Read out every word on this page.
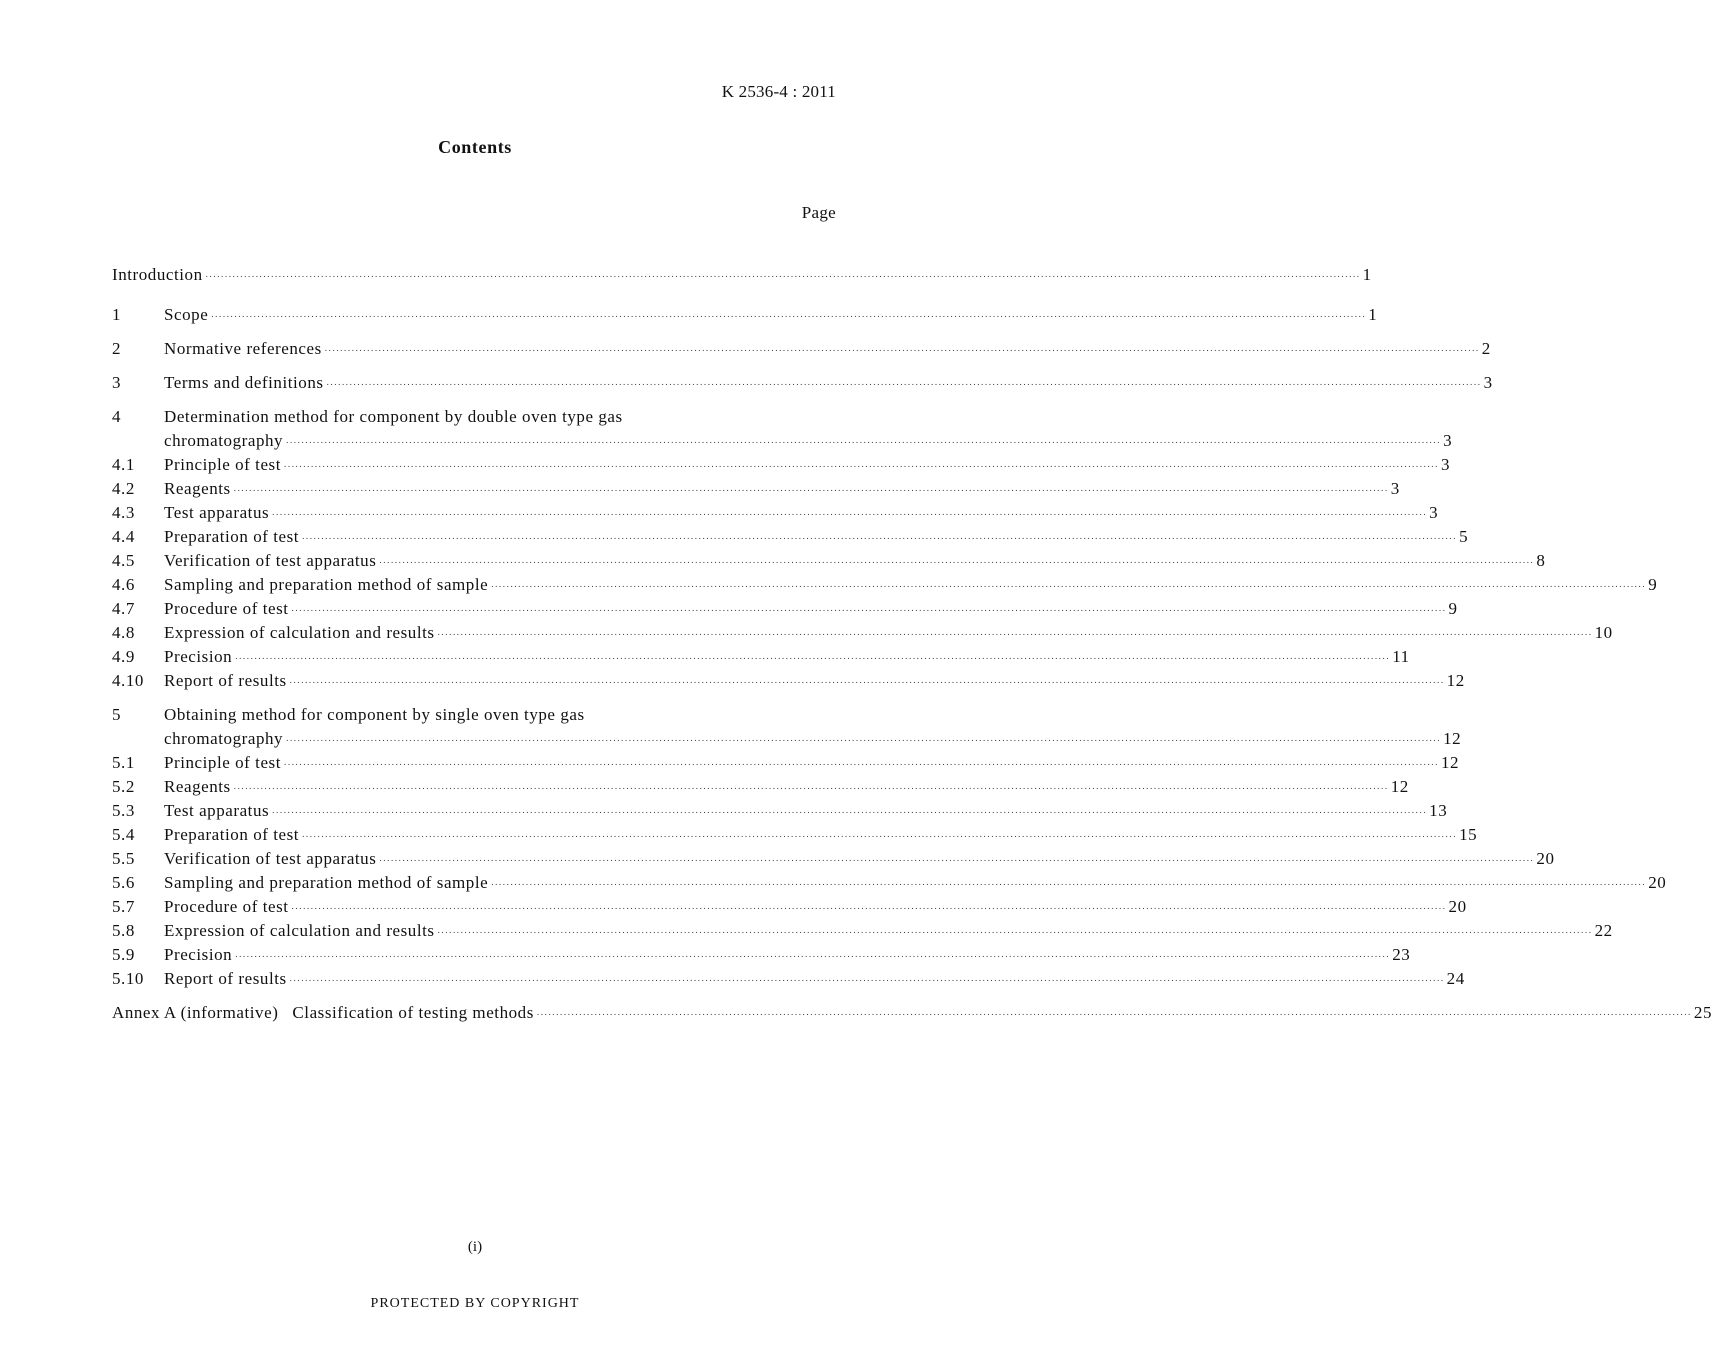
K 2536-4 : 2011
Contents
Page
Introduction ............................................................................................................................................................................................................................................................................................................ 1
1	Scope ............................................................................................................................................................................................................................................................................................................ 1
2	Normative references ............................................................................................................................................................................................................................................................................................................ 2
3	Terms and definitions ............................................................................................................................................................................................................................................................................................................ 3
4	Determination method for component by double oven type gas
chromatography ............................................................................................................................................................................................................................................................................................................ 3
4.1	Principle of test ............................................................................................................................................................................................................................................................................................................ 3
4.2	Reagents ............................................................................................................................................................................................................................................................................................................ 3
4.3	Test apparatus ............................................................................................................................................................................................................................................................................................................ 3
4.4	Preparation of test ............................................................................................................................................................................................................................................................................................................ 5
4.5	Verification of test apparatus ............................................................................................................................................................................................................................................................................................................ 8
4.6	Sampling and preparation method of sample ............................................................................................................................................................................................................................................................................................................ 9
4.7	Procedure of test ............................................................................................................................................................................................................................................................................................................ 9
4.8	Expression of calculation and results ............................................................................................................................................................................................................................................................................................................ 10
4.9	Precision ............................................................................................................................................................................................................................................................................................................ 11
4.10	Report of results ............................................................................................................................................................................................................................................................................................................ 12
5	Obtaining method for component by single oven type gas
chromatography ............................................................................................................................................................................................................................................................................................................ 12
5.1	Principle of test ............................................................................................................................................................................................................................................................................................................ 12
5.2	Reagents ............................................................................................................................................................................................................................................................................................................ 12
5.3	Test apparatus ............................................................................................................................................................................................................................................................................................................ 13
5.4	Preparation of test ............................................................................................................................................................................................................................................................................................................ 15
5.5	Verification of test apparatus ............................................................................................................................................................................................................................................................................................................ 20
5.6	Sampling and preparation method of sample ............................................................................................................................................................................................................................................................................................................ 20
5.7	Procedure of test ............................................................................................................................................................................................................................................................................................................ 20
5.8	Expression of calculation and results ............................................................................................................................................................................................................................................................................................................ 22
5.9	Precision ............................................................................................................................................................................................................................................................................................................ 23
5.10	Report of results ............................................................................................................................................................................................................................................................................................................ 24
Annex A (informative) Classification of testing methods ............................................................................................................................................................................................................................................................................................................ 25
(i)
PROTECTED BY COPYRIGHT
